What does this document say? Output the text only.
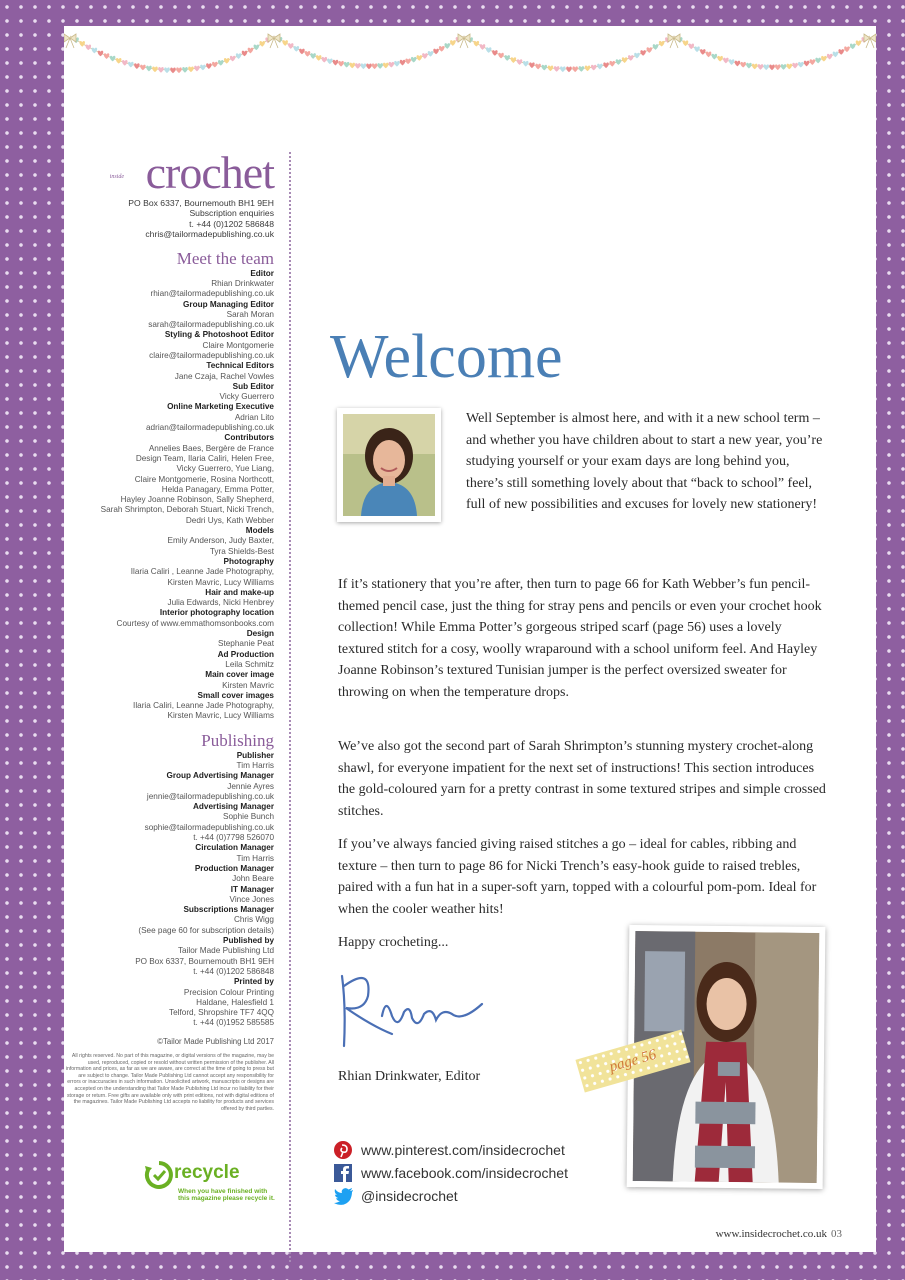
inside crochet
PO Box 6337, Bournemouth BH1 9EH
Subscription enquiries
t. +44 (0)1202 586848
chris@tailormadepublishing.co.uk
Meet the team
Editor
Rhian Drinkwater
rhian@tailormadepublishing.co.uk
Group Managing Editor
Sarah Moran
sarah@tailormadepublishing.co.uk
Styling & Photoshoot Editor
Claire Montgomerie
claire@tailormadepublishing.co.uk
Technical Editors
Jane Czaja, Rachel Vowles
Sub Editor
Vicky Guerrero
Online Marketing Executive
Adrian Lito
adrian@tailormadepublishing.co.uk
Contributors
Annelies Baes, Bergère de France
Design Team, Ilaria Caliri, Helen Free,
Vicky Guerrero, Yue Liang,
Claire Montgomerie, Rosina Northcott,
Helda Panagary, Emma Potter,
Hayley Joanne Robinson, Sally Shepherd,
Sarah Shrimpton, Deborah Stuart, Nicki Trench,
Dedri Uys, Kath Webber
Models
Emily Anderson, Judy Baxter,
Tyra Shields-Best
Photography
Ilaria Caliri , Leanne Jade Photography,
Kirsten Mavric, Lucy Williams
Hair and make-up
Julia Edwards, Nicki Henbrey
Interior photography location
Courtesy of www.emmathomsonbooks.com
Design
Stephanie Peat
Ad Production
Leila Schmitz
Main cover image
Kirsten Mavric
Small cover images
Ilaria Caliri, Leanne Jade Photography,
Kirsten Mavric, Lucy Williams
Publishing
Publisher
Tim Harris
Group Advertising Manager
Jennie Ayres
jennie@tailormadepublishing.co.uk
Advertising Manager
Sophie Bunch
sophie@tailormadepublishing.co.uk
t. +44 (0)7798 526070
Circulation Manager
Tim Harris
Production Manager
John Beare
IT Manager
Vince Jones
Subscriptions Manager
Chris Wigg
(See page 60 for subscription details)
Published by
Tailor Made Publishing Ltd
PO Box 6337, Bournemouth BH1 9EH
t. +44 (0)1202 586848
Printed by
Precision Colour Printing
Haldane, Halesfield 1
Telford, Shropshire TF7 4QQ
t. +44 (0)1952 585585
©Tailor Made Publishing Ltd 2017
All rights reserved. No part of this magazine, or digital versions of the magazine, may be used, reproduced, copied or resold without written permission of the publisher. All information and prices, as far as we are aware, are correct at the time of going to press but are subject to change. Tailor Made Publishing Ltd cannot accept any responsibility for errors or inaccuracies in such information. Unsolicited artwork, manuscripts or designs are accepted on the understanding that Tailor Made Publishing Ltd incur no liability for their storage or return. Free gifts are available only with print editions, not with digital editions of the magazines. Tailor Made Publishing Ltd accepts no liability for products and services offered by third parties.
recycle
When you have finished with
this magazine please recycle it.
Welcome
Well September is almost here, and with it a new school term – and whether you have children about to start a new year, you’re studying yourself or your exam days are long behind you, there’s still something lovely about that “back to school” feel, full of new possibilities and excuses for lovely new stationery!
If it’s stationery that you’re after, then turn to page 66 for Kath Webber’s fun pencil-themed pencil case, just the thing for stray pens and pencils or even your crochet hook collection! While Emma Potter’s gorgeous striped scarf (page 56) uses a lovely textured stitch for a cosy, woolly wraparound with a school uniform feel. And Hayley Joanne Robinson’s textured Tunisian jumper is the perfect oversized sweater for throwing on when the temperature drops.
We’ve also got the second part of Sarah Shrimpton’s stunning mystery crochet-along shawl, for everyone impatient for the next set of instructions! This section introduces the gold-coloured yarn for a pretty contrast in some textured stripes and simple crossed stitches.
If you’ve always fancied giving raised stitches a go – ideal for cables, ribbing and texture – then turn to page 86 for Nicki Trench’s easy-hook guide to raised trebles, paired with a fun hat in a super-soft yarn, topped with a colourful pom-pom. Ideal for when the cooler weather hits!
Happy crocheting...
Rhian Drinkwater, Editor
page 56
www.pinterest.com/insidecrochet
www.facebook.com/insidecrochet
@insidecrochet
www.insidecrochet.co.uk 03
